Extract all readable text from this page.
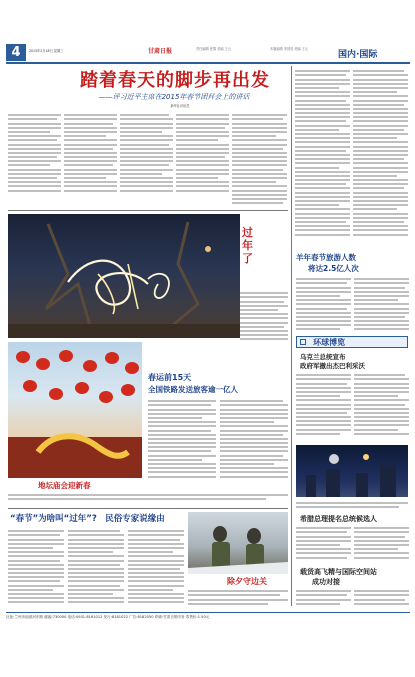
4	2015年2月18日 星期三	甘肃日报	责任编辑 张黎 美编 王元	本版编辑 李国英 美编 王元
国内·国际
踏着春天的脚步再出发
——评习近平主席在2015年春节团拜会上的讲话
新华社评论员
过年了	羊年春节旅游人数
将达2.5亿人次
$^{环球博览}$
乌克兰总统宣布
政府军撤出杰巴利采沃
希腊总理提名总统候选人
载货高飞精与国际空间站
成功对接
地坛庙会迎新春
春运前15天
全国铁路发送旅客逾一亿人
“春节”为啥叫“过年”?　民俗专家说缘由
除夕守边关
社址:兰州市南滨河东路 邮编:730000 电话:0931-8161012 发行:8181022 广告:8182050 印刷:甘肃日报印务 零售价:1.50元
